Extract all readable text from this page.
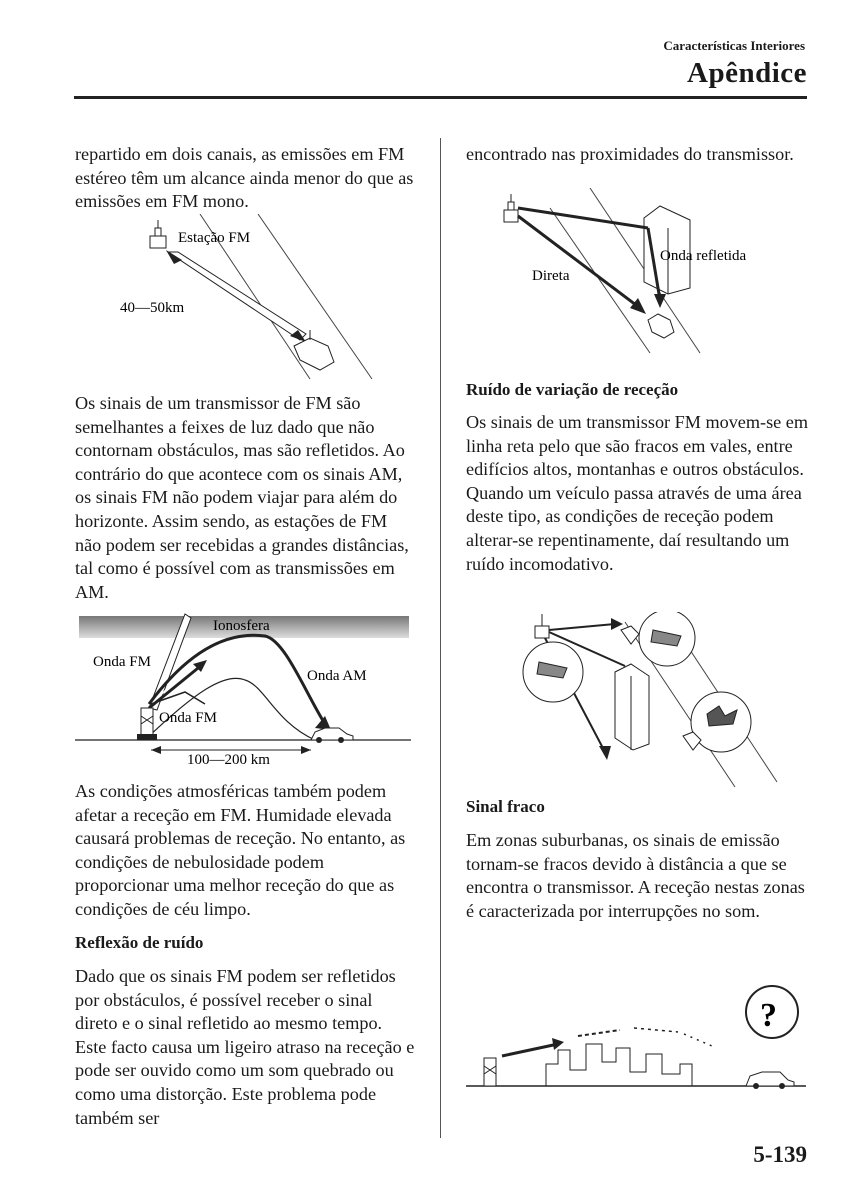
Características Interiores
Apêndice

repartido em dois canais, as emissões em FM estéreo têm um alcance ainda menor do que as emissões em FM mono.

Estação FM
40—50km

Os sinais de um transmissor de FM são semelhantes a feixes de luz dado que não contornam obstáculos, mas são refletidos. Ao contrário do que acontece com os sinais AM, os sinais FM não podem viajar para além do horizonte. Assim sendo, as estações de FM não podem ser recebidas a grandes distâncias, tal como é possível com as transmissões em AM.

Ionosfera
Onda FM
Onda AM
Onda FM
100—200 km

As condições atmosféricas também podem afetar a receção em FM. Humidade elevada causará problemas de receção. No entanto, as condições de nebulosidade podem proporcionar uma melhor receção do que as condições de céu limpo.

Reflexão de ruído

Dado que os sinais FM podem ser refletidos por obstáculos, é possível receber o sinal direto e o sinal refletido ao mesmo tempo. Este facto causa um ligeiro atraso na receção e pode ser ouvido como um som quebrado ou como uma distorção. Este problema pode também ser

encontrado nas proximidades do transmissor.

Onda refletida
Direta
Ruído de variação de receção

Os sinais de um transmissor FM movem-se em linha reta pelo que são fracos em vales, entre edifícios altos, montanhas e outros obstáculos. Quando um veículo passa através de uma área deste tipo, as condições de receção podem alterar-se repentinamente, daí resultando um ruído incomodativo.

Sinal fraco

Em zonas suburbanas, os sinais de emissão tornam-se fracos devido à distância a que se encontra o transmissor. A receção nestas zonas é caracterizada por interrupções no som.

?
5-139
